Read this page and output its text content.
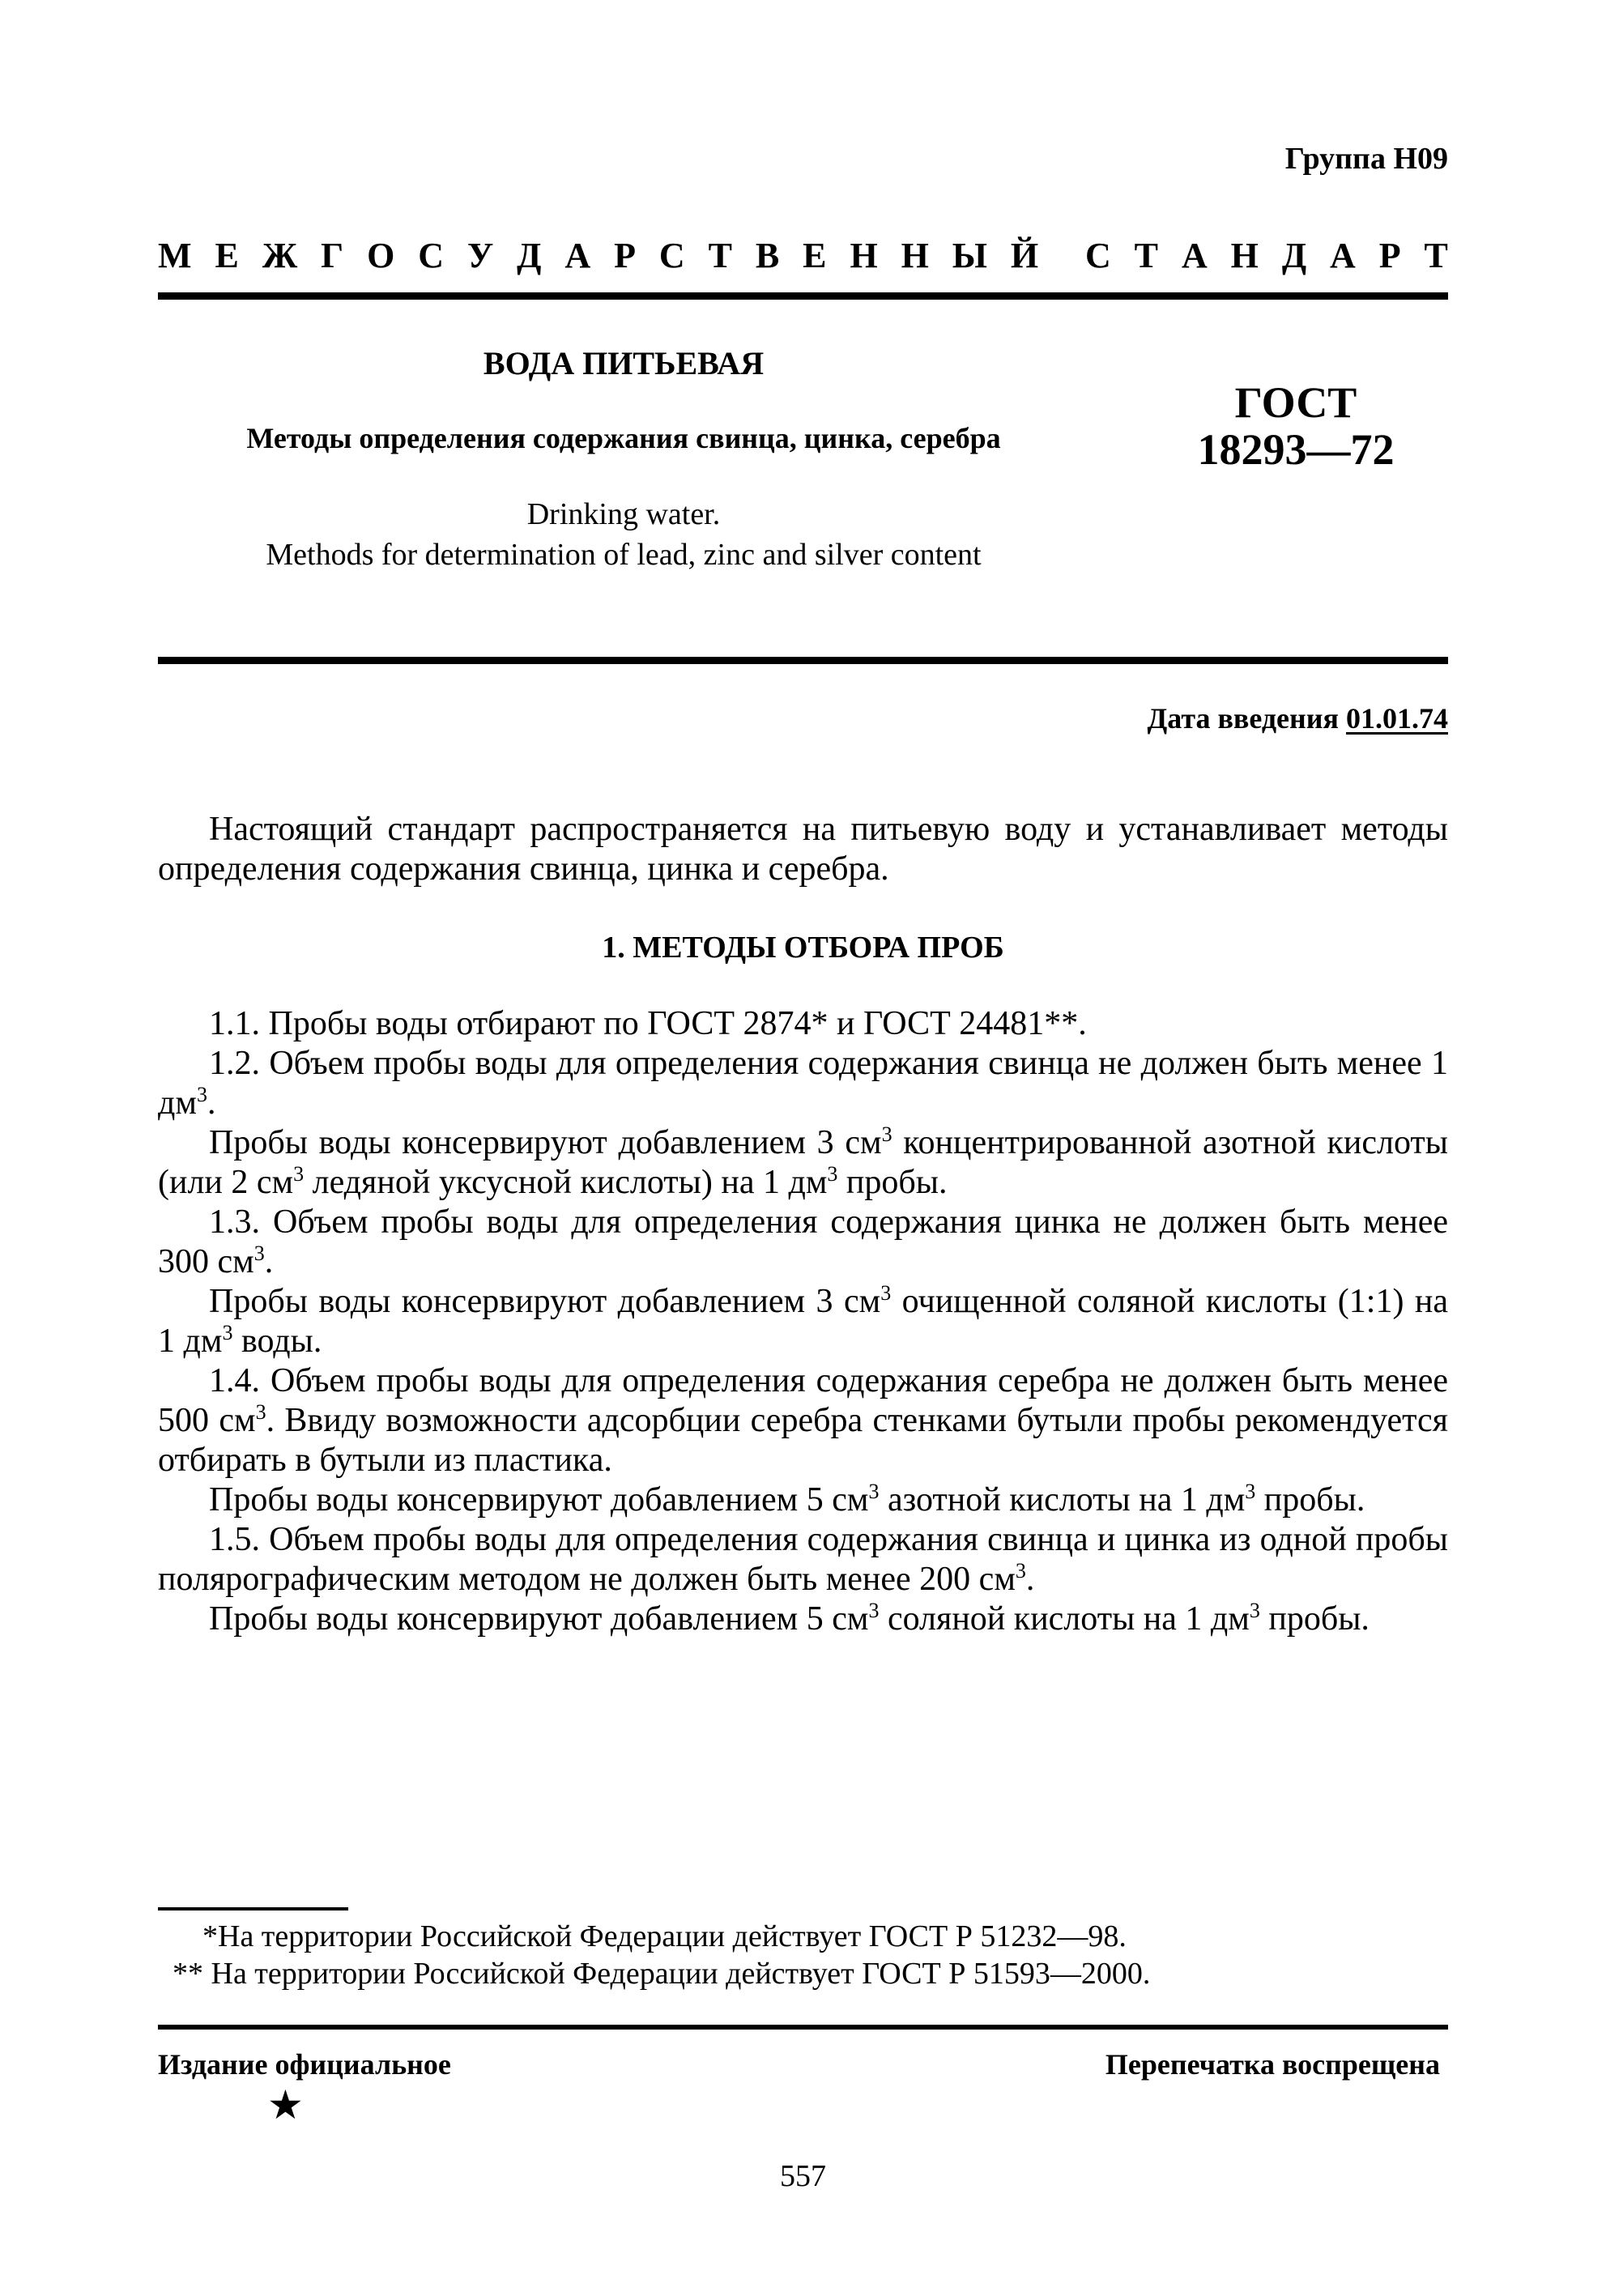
Группа Н09
М Е Ж Г О С У Д А Р С Т В Е Н Н Ы Й С Т А Н Д А Р Т
ВОДА ПИТЬЕВАЯ
Методы определения содержания свинца, цинка, серебра
Drinking water.
Methods for determination of lead, zinc and silver content
ГОСТ
18293—72
Дата введения 01.01.74

Настоящий стандарт распространяется на питьевую воду и устанавливает методы определения содержания свинца, цинка и серебра.

1. МЕТОДЫ ОТБОРА ПРОБ

1.1. Пробы воды отбирают по ГОСТ 2874* и ГОСТ 24481**.

1.2. Объем пробы воды для определения содержания свинца не должен быть менее 1 $дм^3$.

Пробы воды консервируют добавлением 3 $см^3$ концентрированной азотной кислоты (или 2 $см^3$ ледяной уксусной кислоты) на 1 $дм^3$ пробы.

1.3. Объем пробы воды для определения содержания цинка не должен быть менее 300 $см^3$.

Пробы воды консервируют добавлением 3 $см^3$ очищенной соляной кислоты (1:1) на 1 $дм^3$ воды.

1.4. Объем пробы воды для определения содержания серебра не должен быть менее 500 $см^3$. Ввиду возможности адсорбции серебра стенками бутыли пробы рекомендуется отбирать в бутыли из пластика.

Пробы воды консервируют добавлением 5 $см^3$ азотной кислоты на 1 $дм^3$ пробы.

1.5. Объем пробы воды для определения содержания свинца и цинка из одной пробы полярографическим методом не должен быть менее 200 $см^3$.

Пробы воды консервируют добавлением 5 $см^3$ соляной кислоты на 1 $дм^3$ пробы.

*На территории Российской Федерации действует ГОСТ Р 51232—98.
** На территории Российской Федерации действует ГОСТ Р 51593—2000.
Издание официальное	Перепечатка воспрещена
★
557
